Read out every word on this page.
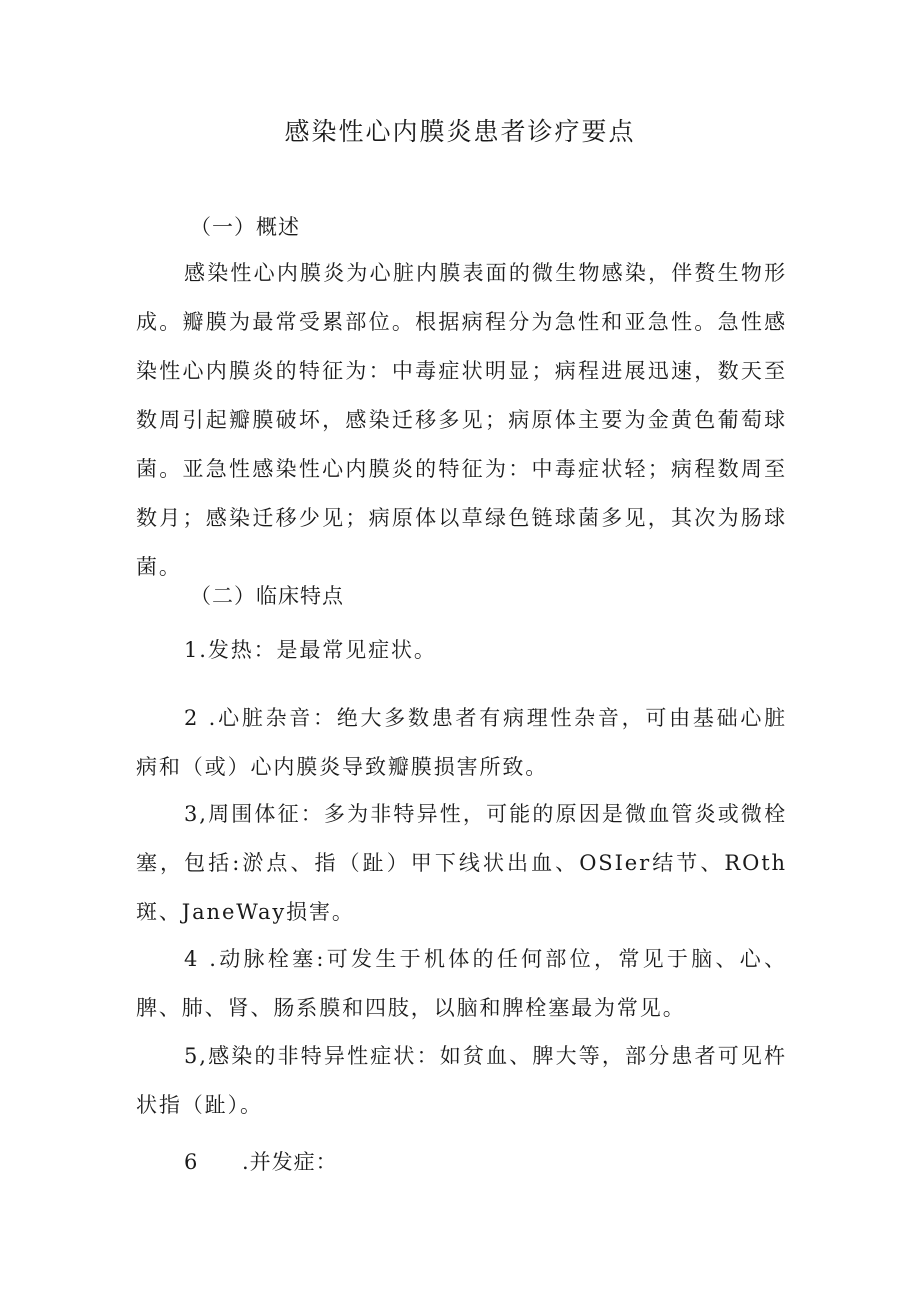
感染性心内膜炎患者诊疗要点
（一）概述

感染性心内膜炎为心脏内膜表面的微生物感染，伴赘生物形成。瓣膜为最常受累部位。根据病程分为急性和亚急性。急性感染性心内膜炎的特征为：中毒症状明显；病程进展迅速，数天至数周引起瓣膜破坏，感染迁移多见；病原体主要为金黄色葡萄球菌。亚急性感染性心内膜炎的特征为：中毒症状轻；病程数周至数月；感染迁移少见；病原体以草绿色链球菌多见，其次为肠球菌。

（二）临床特点

1.发热：是最常见症状。

2 .心脏杂音：绝大多数患者有病理性杂音，可由基础心脏病和（或）心内膜炎导致瓣膜损害所致。

3,周围体征：多为非特异性，可能的原因是微血管炎或微栓塞，包括:淤点、指（趾）甲下线状出血、OSIer结节、ROth斑、JaneWay损害。

4 .动脉栓塞:可发生于机体的任何部位，常见于脑、心、脾、肺、肾、肠系膜和四肢，以脑和脾栓塞最为常见。

5,感染的非特异性症状：如贫血、脾大等，部分患者可见杵状指（趾）。

6 .并发症：
